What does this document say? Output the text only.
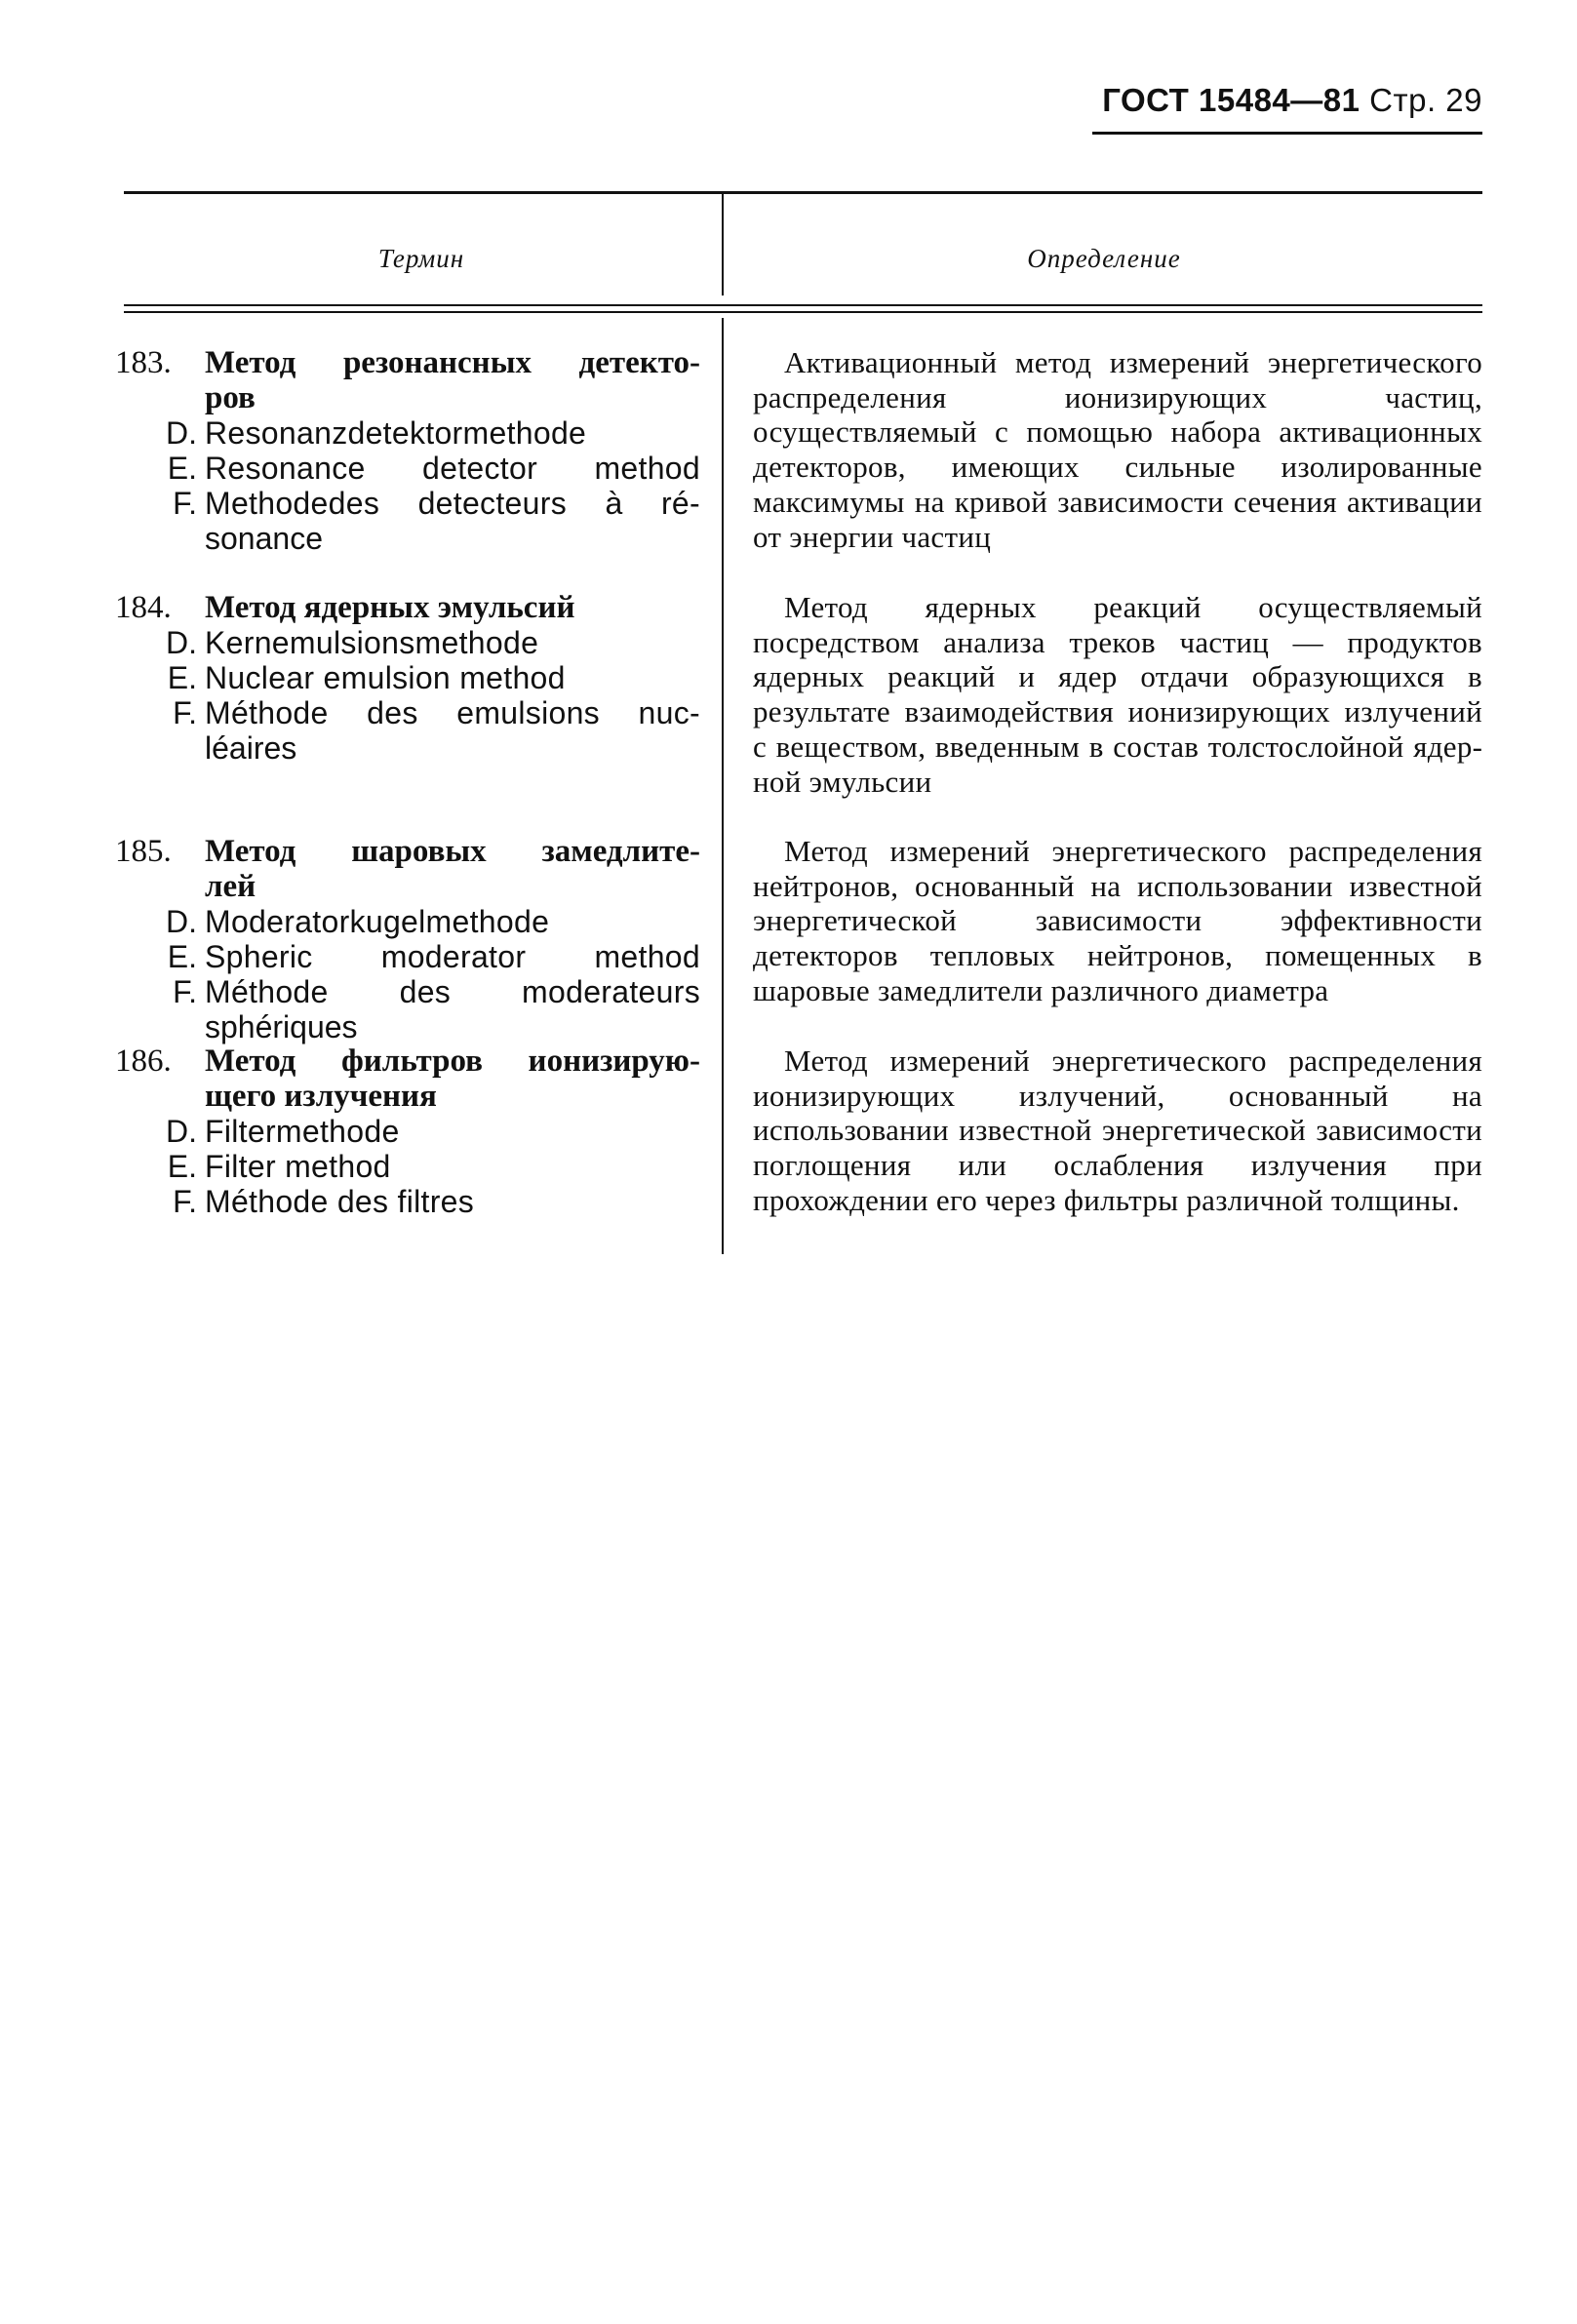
ГОСТ 15484—81 Стр. 29
Термин	Определение
183.	Метод резонансных детекто-
ров
D. Resonanzdetektormethode
E. Resonance detector method
F. Methodedes detecteurs à ré-
sonance
Активационный метод измерений энергетического распределения ионизирующих частиц, осуществляемый с помощью набора активационных детекторов, имеющих сильные изолированные максимумы на кривой зависимости сечения активации от энергии частиц
184.	Метод ядерных эмульсий
D. Kernemulsionsmethode
E. Nuclear emulsion method
F. Méthode des emulsions nuc-
léaires
Метод ядерных реакций осуществляемый посредством анализа треков частиц — продуктов ядерных реакций и ядер отдачи образующихся в результате взаимодействия ионизирующих излучений с веществом, введенным в состав толстослойной ядерной эмульсии
185.	Метод шаровых замедлите-
лей
D. Moderatorkugelmethode
E. Spheric moderator method
F. Méthode des moderateurs
sphériques
Метод измерений энергетического распределения нейтронов, основанный на использовании известной энергетической зависимости эффективности детекторов тепловых нейтронов, помещенных в шаровые замедлители различного диаметра
186.	Метод фильтров ионизирую-
щего излучения
D. Filtermethode
E. Filter method
F. Méthode des filtres
Метод измерений энергетического распределения ионизирующих излучений, основанный на использовании известной энергетической зависимости поглощения или ослабления излучения при прохождении его через фильтры различной толщины.
